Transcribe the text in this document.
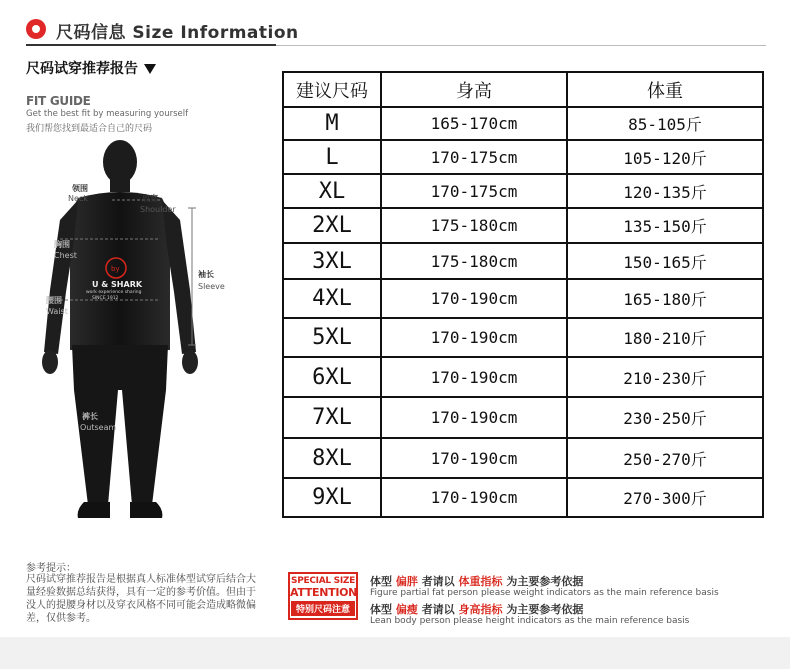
尺码信息 Size Information
尺码试穿推荐报告
FIT GUIDE
Get the best fit by measuring yourself
我们帮您找到最适合自己的尺码
领围
Neck	肩宽
Shoulder
胸围
Chest
袖长
Sleeve
腰围
Waist
裤长
Outseam
by
U & SHARK
work experience sharing
SINCE 1912
建议尺码	身高	体重
M	165-170cm	85-105斤
L	170-175cm	105-120斤
XL	170-175cm	120-135斤
2XL	175-180cm	135-150斤
3XL	175-180cm	150-165斤
4XL	170-190cm	165-180斤
5XL	170-190cm	180-210斤
6XL	170-190cm	210-230斤
7XL	170-190cm	230-250斤
8XL	170-190cm	250-270斤
9XL	170-190cm	270-300斤
参考提示：
尺码试穿推荐报告是根据真人标准体型试穿后结合大量经验数据总结获得，具有一定的参考价值。但由于没人的提腰身材以及穿衣风格不同可能会造成略微偏差，仅供参考。
SPECIAL SIZE
ATTENTION
特别尺码注意
体型 偏胖 者请以 体重指标 为主要参考依据
Figure partial fat person please weight indicators as the main reference basis
体型 偏瘦 者请以 身高指标 为主要参考依据
Lean body person please height indicators as the main reference basis
